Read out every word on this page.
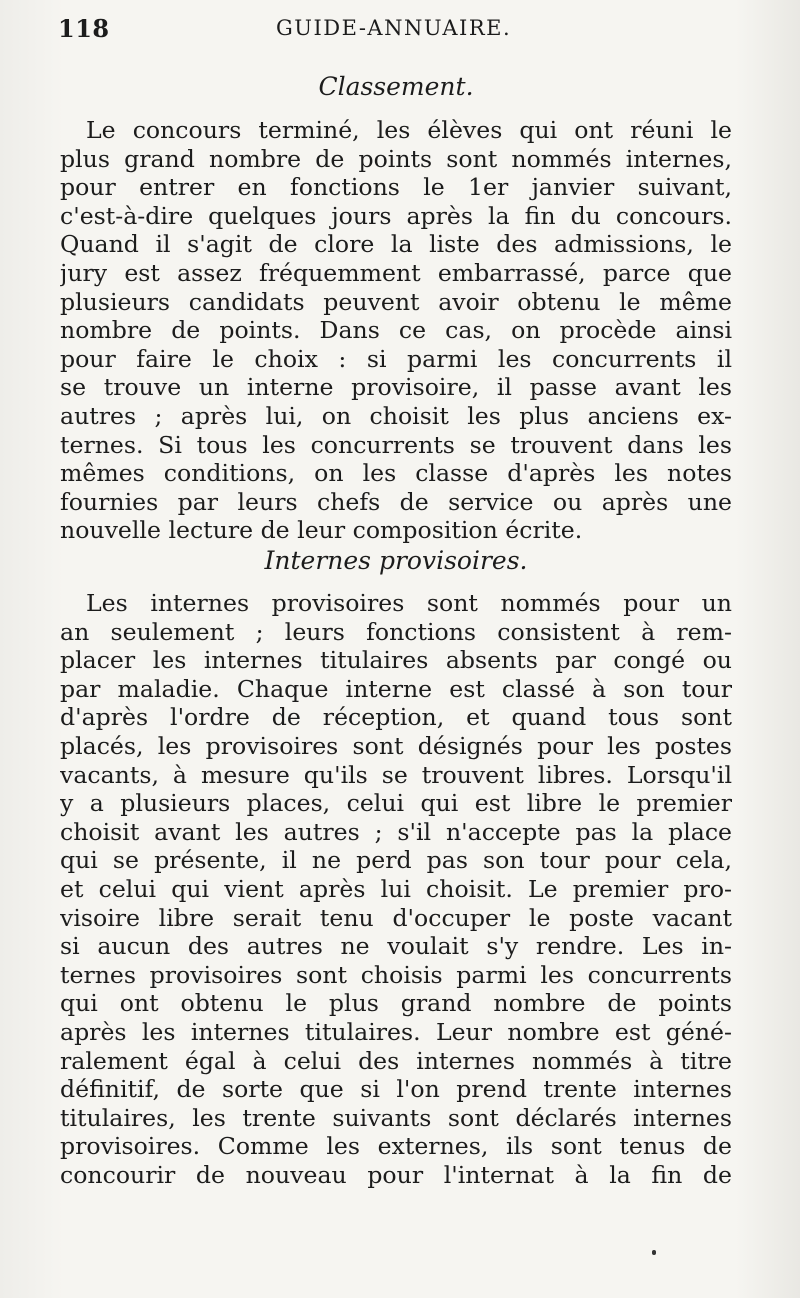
118	GUIDE-ANNUAIRE.
Classement.
Le concours terminé, les élèves qui ont réuni le
plus grand nombre de points sont nommés internes,
pour entrer en fonctions le 1er janvier suivant,
c'est-à-dire quelques jours après la fin du concours.
Quand il s'agit de clore la liste des admissions, le
jury est assez fréquemment embarrassé, parce que
plusieurs candidats peuvent avoir obtenu le même
nombre de points. Dans ce cas, on procède ainsi
pour faire le choix : si parmi les concurrents il
se trouve un interne provisoire, il passe avant les
autres ; après lui, on choisit les plus anciens ex-
ternes. Si tous les concurrents se trouvent dans les
mêmes conditions, on les classe d'après les notes
fournies par leurs chefs de service ou après une
nouvelle lecture de leur composition écrite.
Internes provisoires.
Les internes provisoires sont nommés pour un
an seulement ; leurs fonctions consistent à rem-
placer les internes titulaires absents par congé ou
par maladie. Chaque interne est classé à son tour
d'après l'ordre de réception, et quand tous sont
placés, les provisoires sont désignés pour les postes
vacants, à mesure qu'ils se trouvent libres. Lorsqu'il
y a plusieurs places, celui qui est libre le premier
choisit avant les autres ; s'il n'accepte pas la place
qui se présente, il ne perd pas son tour pour cela,
et celui qui vient après lui choisit. Le premier pro-
visoire libre serait tenu d'occuper le poste vacant
si aucun des autres ne voulait s'y rendre. Les in-
ternes provisoires sont choisis parmi les concurrents
qui ont obtenu le plus grand nombre de points
après les internes titulaires. Leur nombre est géné-
ralement égal à celui des internes nommés à titre
définitif, de sorte que si l'on prend trente internes
titulaires, les trente suivants sont déclarés internes
provisoires. Comme les externes, ils sont tenus de
concourir de nouveau pour l'internat à la fin de
